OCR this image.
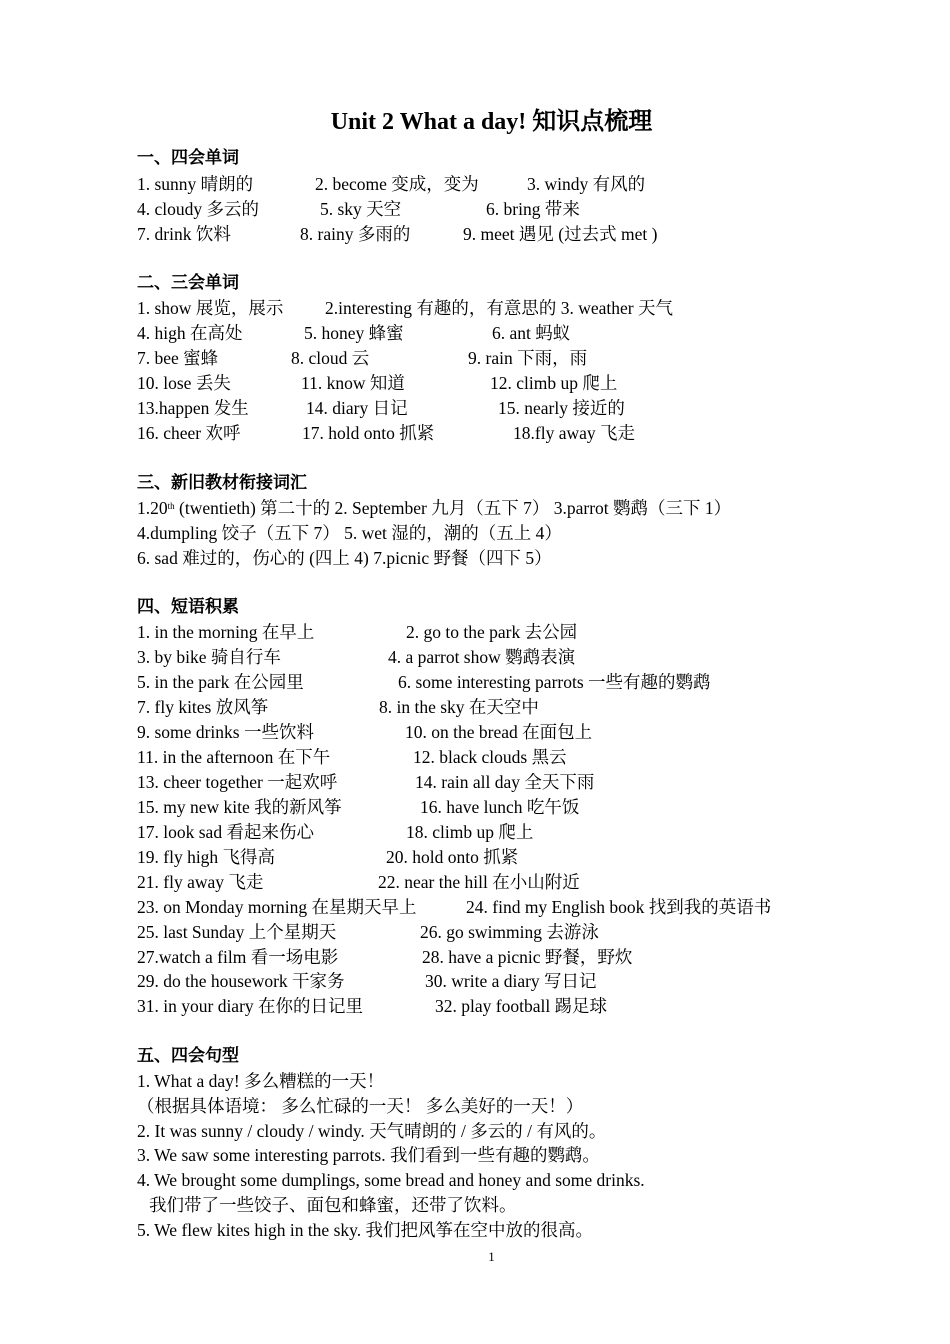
Unit 2 What a day! 知识点梳理
一、四会单词
1. sunny 晴朗的	2. become 变成，变为	3. windy 有风的
4. cloudy 多云的	5. sky 天空	6. bring 带来
7. drink 饮料	8. rainy 多雨的	9. meet 遇见 (过去式 met )
二、三会单词
1. show 展览，展示 2.interesting 有趣的，有意思的 3. weather 天气
4. high 在高处	5. honey 蜂蜜	6. ant 蚂蚁
7. bee 蜜蜂	8. cloud 云	9. rain 下雨，雨
10. lose 丢失	11. know 知道	12. climb up 爬上
13.happen 发生	14. diary 日记	15. nearly 接近的
16. cheer 欢呼	17. hold onto 抓紧	18.fly away 飞走
三、新旧教材衔接词汇
1.20th (twentieth) 第二十的 2. September 九月（五下 7） 3.parrot 鹦鹉（三下 1）
4.dumpling 饺子（五下 7） 5. wet 湿的，潮的（五上 4）
6. sad 难过的，伤心的 (四上 4) 7.picnic 野餐（四下 5）
四、短语积累
1. in the morning 在早上	2. go to the park 去公园
3. by bike 骑自行车	4. a parrot show 鹦鹉表演
5. in the park 在公园里	6. some interesting parrots 一些有趣的鹦鹉
7. fly kites 放风筝	8. in the sky 在天空中
9. some drinks 一些饮料	10. on the bread 在面包上
11. in the afternoon 在下午	12. black clouds 黑云
13. cheer together 一起欢呼	14. rain all day 全天下雨
15. my new kite 我的新风筝	16. have lunch 吃午饭
17. look sad 看起来伤心	18. climb up 爬上
19. fly high 飞得高	20. hold onto 抓紧
21. fly away 飞走	22. near the hill 在小山附近
23. on Monday morning 在星期天早上	24. find my English book 找到我的英语书
25. last Sunday 上个星期天	26. go swimming 去游泳
27.watch a film 看一场电影	28. have a picnic 野餐，野炊
29. do the housework 干家务	30. write a diary 写日记
31. in your diary 在你的日记里	32. play football 踢足球
五、四会句型
1. What a day! 多么糟糕的一天！
（根据具体语境： 多么忙碌的一天！ 多么美好的一天！）
2. It was sunny / cloudy / windy. 天气晴朗的 / 多云的 / 有风的。
3. We saw some interesting parrots. 我们看到一些有趣的鹦鹉。
4. We brought some dumplings, some bread and honey and some drinks.
我们带了一些饺子、面包和蜂蜜，还带了饮料。
5. We flew kites high in the sky. 我们把风筝在空中放的很高。
1
